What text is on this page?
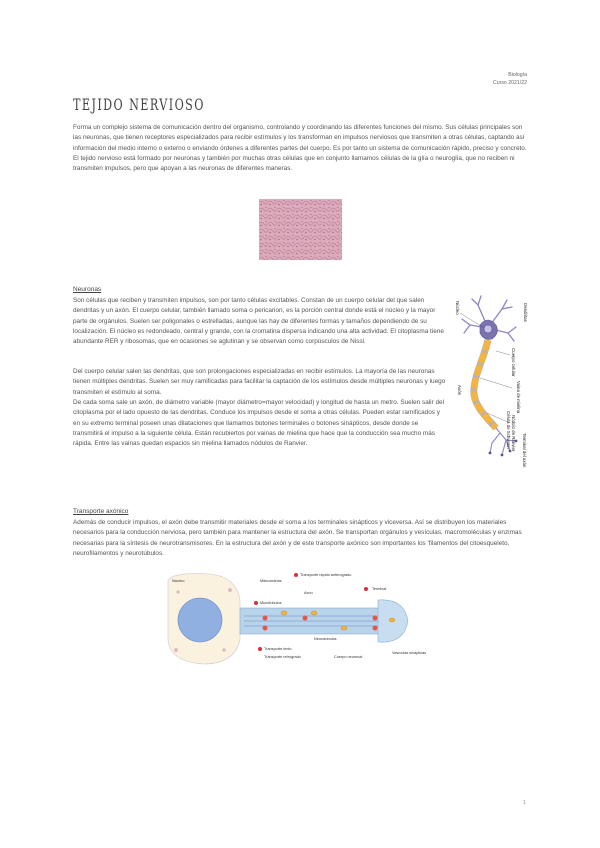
Biología
Curso 2021/22
TEJIDO NERVIOSO

Forma un complejo sistema de comunicación dentro del organismo, controlando y coordinando las diferentes funciones del mismo. Sus células principales son las neuronas, que tienen receptores especializados para recibir estímulos y los transforman en impulsos nerviosos que transmiten a otras células, captando así información del medio interno o externo o enviando órdenes a diferentes partes del cuerpo. Es por tanto un sistema de comunicación rápido, preciso y concreto. El tejido nervioso está formado por neuronas y también por muchas otras células que en conjunto llamamos células de la glía o neuroglía, que no reciben ni transmiten impulsos, pero que apoyan a las neuronas de diferentes maneras.

Neuronas

Son células que reciben y transmiten impulsos, son por tanto células excitables. Constan de un cuerpo celular del que salen dendritas y un axón. El cuerpo celular, también llamado soma o pericarion, es la porción central donde está el núcleo y la mayor parte de orgánulos. Suelen ser poligonales o estrelladas, aunque las hay de diferentes formas y tamaños dependiendo de su localización. El núcleo es redondeado, central y grande, con la cromatina dispersa indicando una alta actividad. El citoplasma tiene abundante RER y ribosomas, que en ocasiones se aglutinan y se observan como corpúsculos de Nissl.

Del cuerpo celular salen las dendritas, que son prolongaciones especializadas en recibir estímulos. La mayoría de las neuronas tienen múltiples dendritas. Suelen ser muy ramificadas para facilitar la captación de los estímulos desde múltiples neuronas y luego transmiten el estímulo al soma.

De cada soma sale un axón, de diámetro variable (mayor diámetro=mayor velocidad) y longitud de hasta un metro. Suelen salir del citoplasma por el lado opuesto de las dendritas. Conduce los impulsos desde el soma a otras células. Pueden estar ramificados y en su extremo terminal poseen unas dilataciones que llamamos botones terminales o botones sinápticos, desde donde se transmitirá el impulso a la siguiente célula. Están recubiertos por vainas de mielina que hace que la conducción sea mucho más rápida. Entre las vainas quedan espacios sin mielina llamados nódulos de Ranvier.

Núcleo	Dendritas
Cuerpo celular
Vaina de mielina
Axón
Célula de Schwann Nódulo de Ranvier Terminal del axón

Transporte axónico

Además de conducir impulsos, el axón debe transmitir materiales desde el soma a los terminales sinápticos y viceversa. Así se distribuyen los materiales necesarios para la conducción nerviosa, pero también para mantener la estructura del axón. Se transportan orgánulos y vesículas, macromoléculas y enzimas necesarias para la síntesis de neurotransmisores. En la estructura del axón y de este transporte axónico son importantes los 'filamentos del citoesqueleto, neurofilamentos y neurotúbulos.

Núcleo	Mitocondrias
Axón
Microtúbulos
Neurotúbulos
Terminal
Transporte rápido anterógrado
Transporte lento
Transporte retrógrado	Cuerpo neuronal
Vesículas sinápticas
1
